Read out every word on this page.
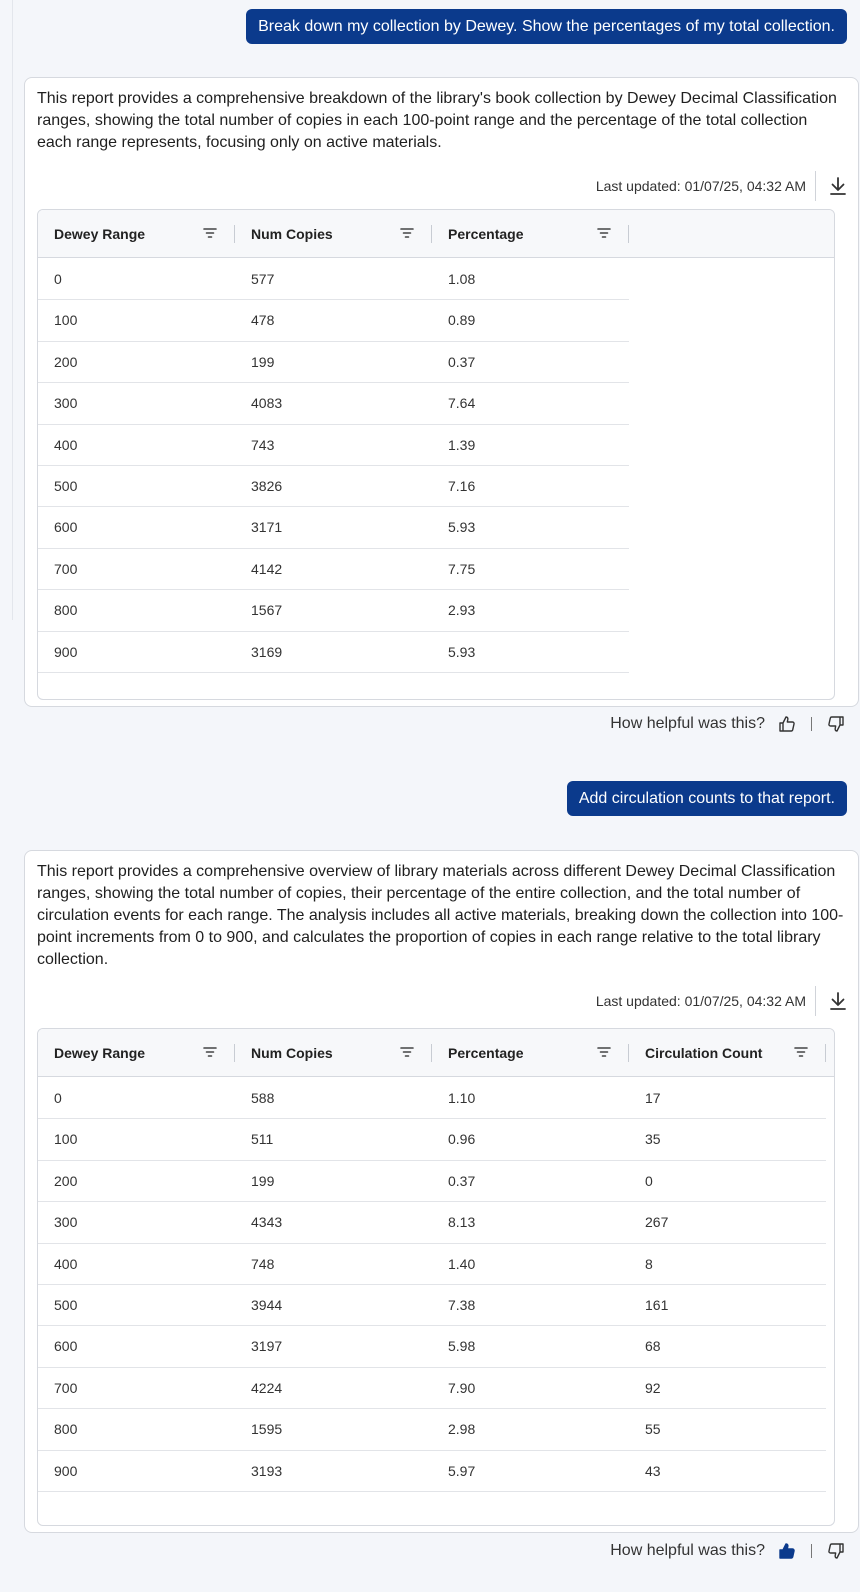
Break down my collection by Dewey. Show the percentages of my total collection.
This report provides a comprehensive breakdown of the library's book collection by Dewey Decimal Classification ranges, showing the total number of copies in each 100-point range and the percentage of the total collection each range represents, focusing only on active materials.
Last updated: 01/07/25, 04:32 AM
Dewey Range	Num Copies	Percentage
0	577	1.08
100	478	0.89
200	199	0.37
300	4083	7.64
400	743	1.39
500	3826	7.16
600	3171	5.93
700	4142	7.75
800	1567	2.93
900	3169	5.93
How helpful was this?
Add circulation counts to that report.
This report provides a comprehensive overview of library materials across different Dewey Decimal Classification ranges, showing the total number of copies, their percentage of the entire collection, and the total number of circulation events for each range. The analysis includes all active materials, breaking down the collection into 100-point increments from 0 to 900, and calculates the proportion of copies in each range relative to the total library collection.
Last updated: 01/07/25, 04:32 AM
Dewey Range	Num Copies	Percentage	Circulation Count
0	588	1.10	17
100	511	0.96	35
200	199	0.37	0
300	4343	8.13	267
400	748	1.40	8
500	3944	7.38	161
600	3197	5.98	68
700	4224	7.90	92
800	1595	2.98	55
900	3193	5.97	43
How helpful was this?
